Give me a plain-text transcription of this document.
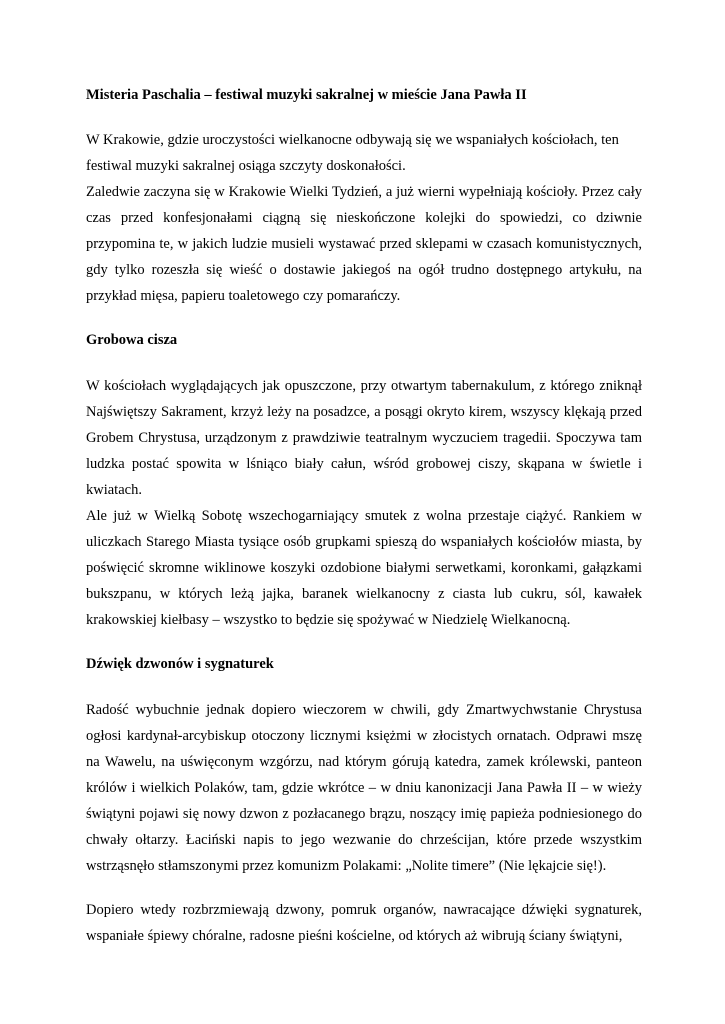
Misteria Paschalia – festiwal muzyki sakralnej w mieście Jana Pawła II

W Krakowie, gdzie uroczystości wielkanocne odbywają się we wspaniałych kościołach, ten festiwal muzyki sakralnej osiąga szczyty doskonałości.

Zaledwie zaczyna się w Krakowie Wielki Tydzień, a już wierni wypełniają kościoły. Przez cały czas przed konfesjonałami ciągną się nieskończone kolejki do spowiedzi, co dziwnie przypomina te, w jakich ludzie musieli wystawać przed sklepami w czasach komunistycznych, gdy tylko rozeszła się wieść o dostawie jakiegoś na ogół trudno dostępnego artykułu, na przykład mięsa, papieru toaletowego czy pomarańczy.

Grobowa cisza

W kościołach wyglądających jak opuszczone, przy otwartym tabernakulum, z którego zniknął Najświętszy Sakrament, krzyż leży na posadzce, a posągi okryto kirem, wszyscy klękają przed Grobem Chrystusa, urządzonym z prawdziwie teatralnym wyczuciem tragedii. Spoczywa tam ludzka postać spowita w lśniąco biały całun, wśród grobowej ciszy, skąpana w świetle i kwiatach.

Ale już w Wielką Sobotę wszechogarniający smutek z wolna przestaje ciążyć. Rankiem w uliczkach Starego Miasta tysiące osób grupkami spieszą do wspaniałych kościołów miasta, by poświęcić skromne wiklinowe koszyki ozdobione białymi serwetkami, koronkami, gałązkami bukszpanu, w których leżą jajka, baranek wielkanocny z ciasta lub cukru, sól, kawałek krakowskiej kiełbasy – wszystko to będzie się spożywać w Niedzielę Wielkanocną.

Dźwięk dzwonów i sygnaturek

Radość wybuchnie jednak dopiero wieczorem w chwili, gdy Zmartwychwstanie Chrystusa ogłosi kardynał-arcybiskup otoczony licznymi księżmi w złocistych ornatach. Odprawi mszę na Wawelu, na uświęconym wzgórzu, nad którym górują katedra, zamek królewski, panteon królów i wielkich Polaków, tam, gdzie wkrótce – w dniu kanonizacji Jana Pawła II – w wieży świątyni pojawi się nowy dzwon z pozłacanego brązu, noszący imię papieża podniesionego do chwały ołtarzy. Łaciński napis to jego wezwanie do chrześcijan, które przede wszystkim wstrząsnęło stłamszonymi przez komunizm Polakami: „Nolite timere” (Nie lękajcie się!).

Dopiero wtedy rozbrzmiewają dzwony, pomruk organów, nawracające dźwięki sygnaturek, wspaniałe śpiewy chóralne, radosne pieśni kościelne, od których aż wibrują ściany świątyni,
